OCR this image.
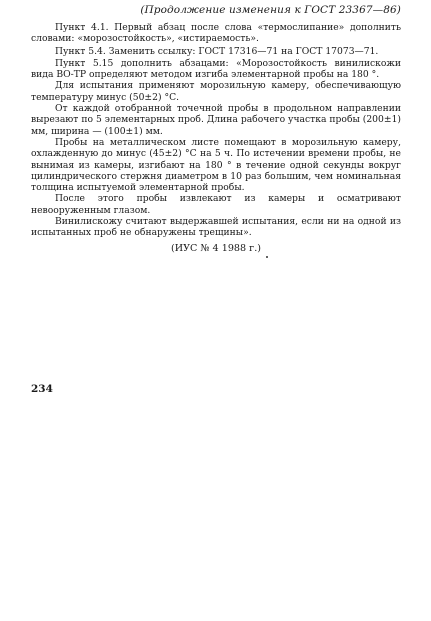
(Продолжение изменения к ГОСТ 23367—86)

Пункт 4.1. Первый абзац после слова «термослипание» дополнить словами: «морозостойкость», «истираемость».

Пункт 5.4. Заменить ссылку: ГОСТ 17316—71 на ГОСТ 17073—71.

Пункт 5.15 дополнить абзацами: «Морозостойкость винилискожи вида ВО-ТР определяют методом изгиба элементарной пробы на 180 °.

Для испытания применяют морозильную камеру, обеспечивающую температуру минус (50±2) °С.

От каждой отобранной точечной пробы в продольном направлении вырезают по 5 элементарных проб. Длина рабочего участка пробы (200±1) мм, ширина — (100±1) мм.

Пробы на металлическом листе помещают в морозильную камеру, охлажденную до минус (45±2) °С на 5 ч. По истечении времени пробы, не вынимая из камеры, изгибают на 180 ° в течение одной секунды вокруг цилиндрического стержня диаметром в 10 раз большим, чем номинальная толщина испытуемой элементарной пробы.

После этого пробы извлекают из камеры и осматривают невооруженным глазом.

Винилискожу считают выдержавшей испытания, если ни на одной из испытанных проб не обнаружены трещины».

(ИУС № 4 1988 г.)
234
